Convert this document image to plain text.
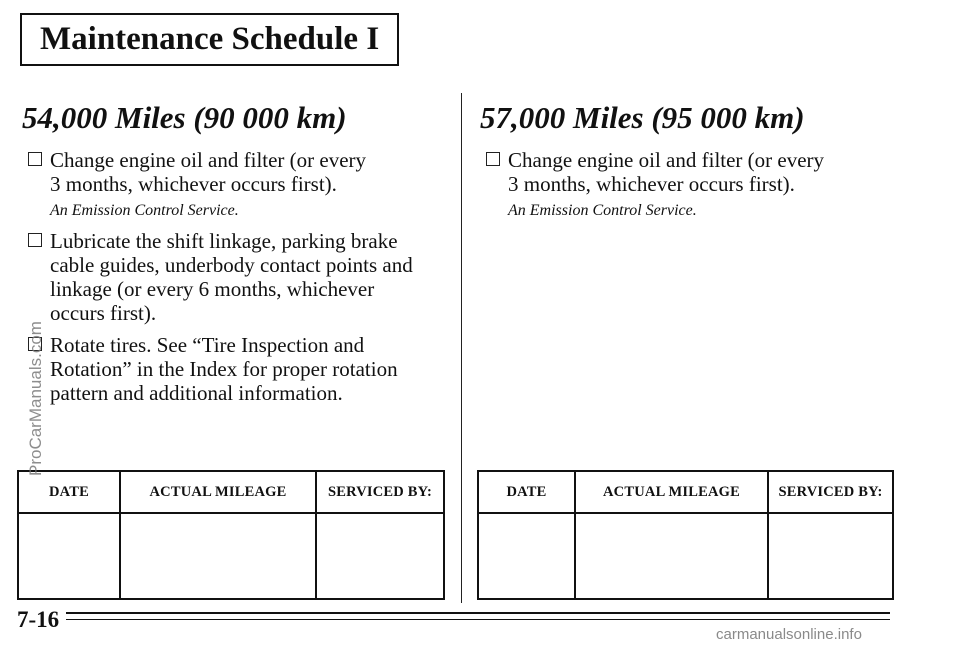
Maintenance Schedule I
54,000 Miles (90 000 km)
Change engine oil and filter (or every
3 months, whichever occurs first).
An Emission Control Service.
Lubricate the shift linkage, parking brake
cable guides, underbody contact points and
linkage (or every 6 months, whichever
occurs first).
Rotate tires. See “Tire Inspection and
Rotation” in the Index for proper rotation
pattern and additional information.
57,000 Miles (95 000 km)
Change engine oil and filter (or every
3 months, whichever occurs first).
An Emission Control Service.
DATE	ACTUAL MILEAGE	SERVICED BY:
			DATE	ACTUAL MILEAGE	SERVICED BY:

7-16
ProCarManuals.com
carmanualsonline.info
